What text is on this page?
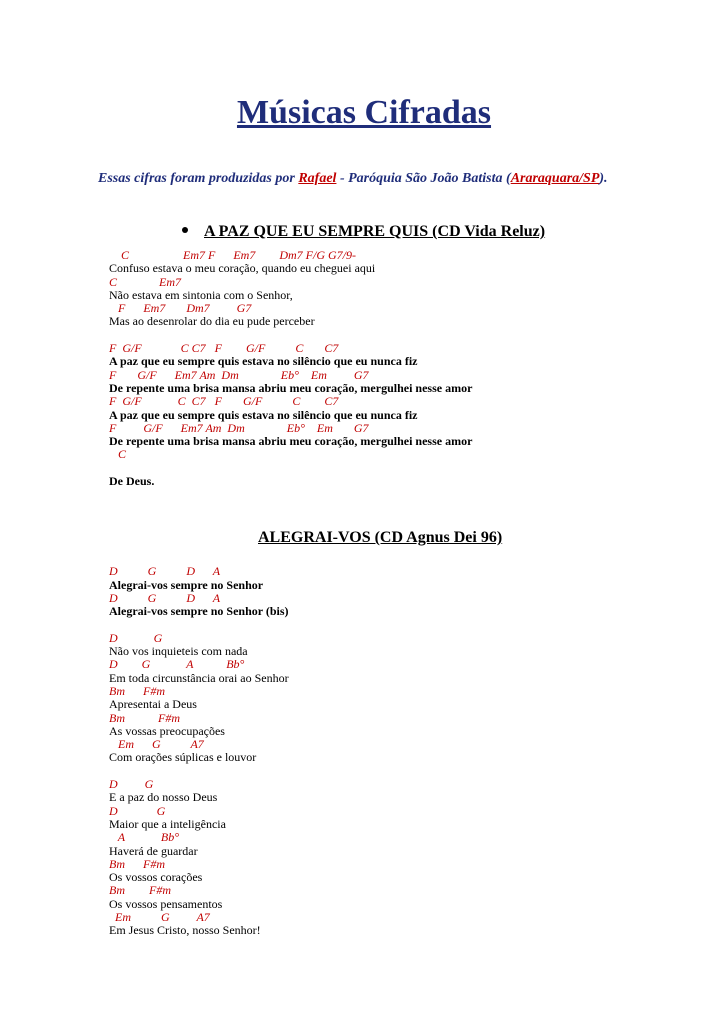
Músicas Cifradas
Essas cifras foram produzidas por Rafael - Paróquia São João Batista (Araraquara/SP).
A PAZ QUE EU SEMPRE QUIS (CD Vida Reluz)
C                  Em7 F      Em7        Dm7 F/G G7/9-
Confuso estava o meu coração, quando eu cheguei aqui
C              Em7
Não estava em sintonia com o Senhor,
F      Em7       Dm7         G7
Mas ao desenrolar do dia eu pude perceber
F  G/F             C C7   F        G/F          C       C7
A paz que eu sempre quis estava no silêncio que eu nunca fiz
F       G/F      Em7 Am  Dm              Eb°    Em         G7
De repente uma brisa mansa abriu meu coração, mergulhei nesse amor
F  G/F            C  C7   F       G/F          C        C7
A paz que eu sempre quis estava no silêncio que eu nunca fiz
F         G/F      Em7 Am  Dm              Eb°    Em       G7
De repente uma brisa mansa abriu meu coração, mergulhei nesse amor
C
De Deus.
ALEGRAI-VOS (CD Agnus Dei 96)
D          G          D      A
Alegrai-vos sempre no Senhor
D          G          D      A
Alegrai-vos sempre no Senhor (bis)
D            G
Não vos inquieteis com nada
D        G            A           Bb°
Em toda circunstância orai ao Senhor
Bm      F#m
Apresentai a Deus
Bm           F#m
As vossas preocupações
Em      G          A7
Com orações súplicas e louvor
D         G
E a paz do nosso Deus
D             G
Maior que a inteligência
A            Bb°
Haverá de guardar
Bm      F#m
Os vossos corações
Bm        F#m
Os vossos pensamentos
Em          G         A7
Em Jesus Cristo, nosso Senhor!
